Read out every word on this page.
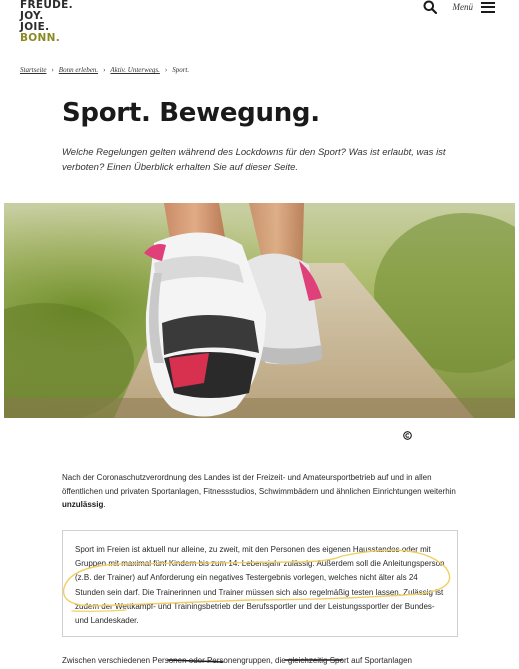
FREUDE.
JOY.
JOIE.
BONN.
Menü
Startseite › Bonn erleben. › Aktiv. Unterwegs. › Sport.
Sport. Bewegung.

Welche Regelungen gelten während des Lockdowns für den Sport? Was ist erlaubt, was ist verboten? Einen Überblick erhalten Sie auf dieser Seite.

Nach der Coronaschutzverordnung des Landes ist der Freizeit- und Amateursportbetrieb auf und in allen öffentlichen und privaten Sportanlagen, Fitnessstudios, Schwimmbädern und ähnlichen Einrichtungen weiterhin unzulässig.

Sport im Freien ist aktuell nur alleine, zu zweit, mit den Personen des eigenen Hausstandes oder mit Gruppen mit maximal fünf Kindern bis zum 14. Lebensjahr zulässig. Außerdem soll die Anleitungsperson (z.B. der Trainer) auf Anforderung ein negatives Testergebnis vorlegen, welches nicht älter als 24 Stunden sein darf. Die Trainerinnen und Trainer müssen sich also regelmäßig testen lassen. Zulässig ist zudem der Wettkampf- und Trainingsbetrieb der Berufssportler und der Leistungssportler der Bundes- und Landeskader.

Zwischen verschiedenen Personen oder Personengruppen, die gleichzeitig Sport auf Sportanlagen
